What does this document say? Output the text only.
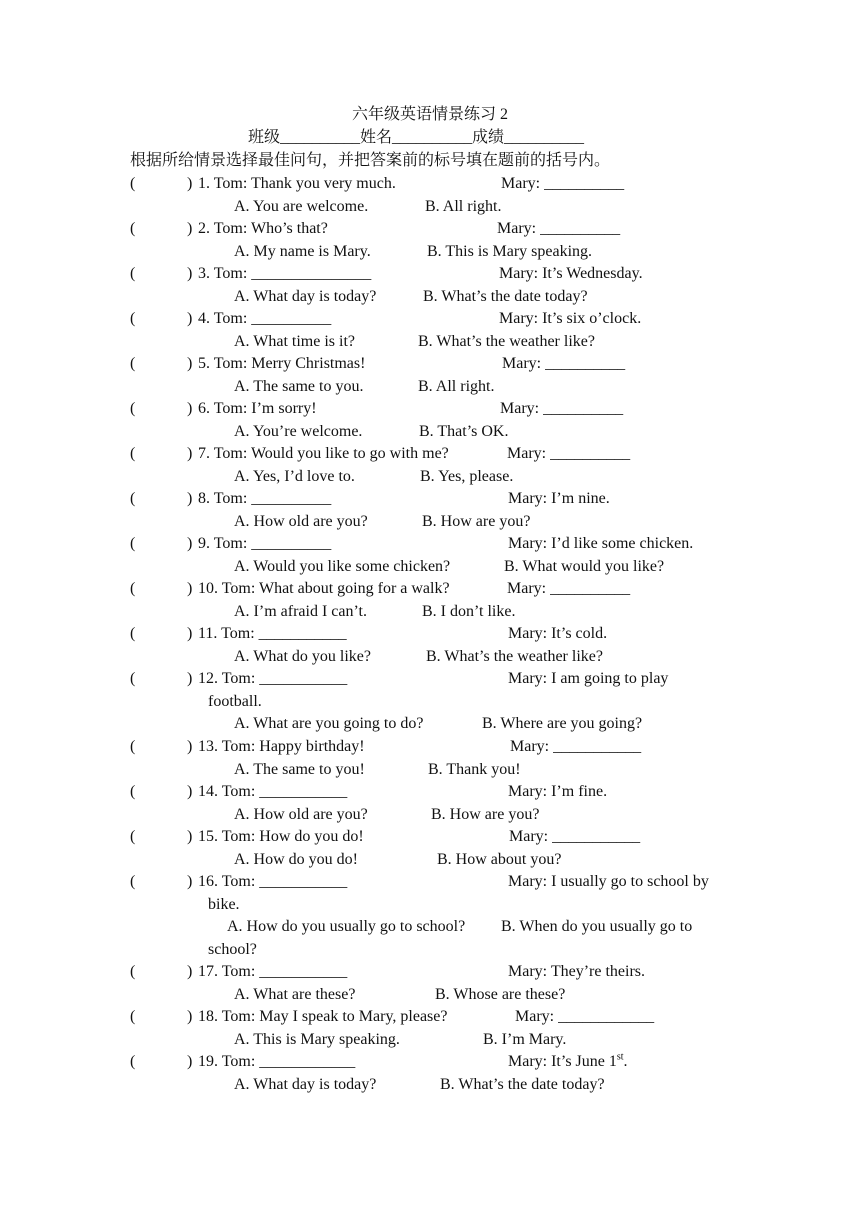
六年级英语情景练习 2
班级__________姓名__________成绩__________
根据所给情景选择最佳问句，并把答案前的标号填在题前的括号内。
(	) 1. Tom: Thank you very much.	Mary: __________
A. You are welcome.	B. All right.
(	) 2. Tom: Who’s that?	Mary: __________
A. My name is Mary.	B. This is Mary speaking.
(	) 3. Tom: _______________	Mary: It’s Wednesday.
A. What day is today?	B. What’s the date today?
(	) 4. Tom: __________	Mary: It’s six o’clock.
A. What time is it?	B. What’s the weather like?
(	) 5. Tom: Merry Christmas!	Mary: __________
A. The same to you.	B. All right.
(	) 6. Tom: I’m sorry!	Mary: __________
A. You’re welcome.	B. That’s OK.
(	) 7. Tom: Would you like to go with me?	Mary: __________
A. Yes, I’d love to.	B. Yes, please.
(	) 8. Tom: __________	Mary: I’m nine.
A. How old are you?	B. How are you?
(	) 9. Tom: __________	Mary: I’d like some chicken.
A. Would you like some chicken?	B. What would you like?
(	) 10. Tom: What about going for a walk?	Mary: __________
A. I’m afraid I can’t.	B. I don’t like.
(	) 11. Tom: ___________	Mary: It’s cold.
A. What do you like?	B. What’s the weather like?
(	) 12. Tom: ___________	Mary: I am going to play
football.
A. What are you going to do?	B. Where are you going?
(	) 13. Tom: Happy birthday!	Mary: ___________
A. The same to you!	B. Thank you!
(	) 14. Tom: ___________	Mary: I’m fine.
A. How old are you?	B. How are you?
(	) 15. Tom: How do you do!	Mary: ___________
A. How do you do!	B. How about you?
(	) 16. Tom: ___________	Mary: I usually go to school by
bike.
A. How do you usually go to school? B. When do you usually go to
school?
(	) 17. Tom: ___________	Mary: They’re theirs.
A. What are these?	B. Whose are these?
(	) 18. Tom: May I speak to Mary, please?	Mary: ____________
A. This is Mary speaking.	B. I’m Mary.
(	) 19. Tom: ____________	Mary: It’s June 1st.
A. What day is today?	B. What’s the date today?
